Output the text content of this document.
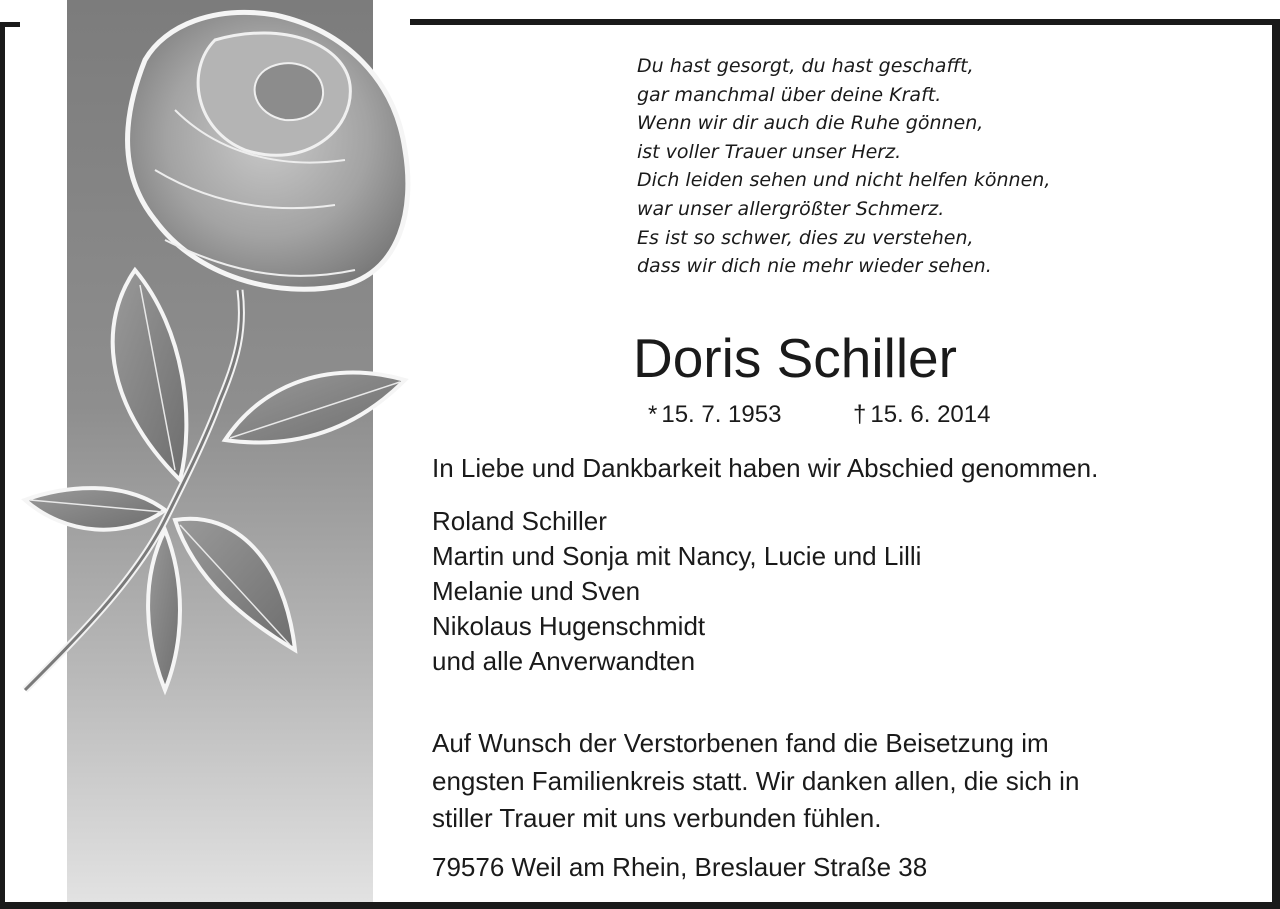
Du hast gesorgt, du hast geschafft,
gar manchmal über deine Kraft.
Wenn wir dir auch die Ruhe gönnen,
ist voller Trauer unser Herz.
Dich leiden sehen und nicht helfen können,
war unser allergrößter Schmerz.
Es ist so schwer, dies zu verstehen,
dass wir dich nie mehr wieder sehen.
Doris Schiller
* 15. 7. 1953	† 15. 6. 2014
In Liebe und Dankbarkeit haben wir Abschied genommen.
Roland Schiller
Martin und Sonja mit Nancy, Lucie und Lilli
Melanie und Sven
Nikolaus Hugenschmidt
und alle Anverwandten
Auf Wunsch der Verstorbenen fand die Beisetzung im
engsten Familienkreis statt. Wir danken allen, die sich in
stiller Trauer mit uns verbunden fühlen.
79576 Weil am Rhein, Breslauer Straße 38
